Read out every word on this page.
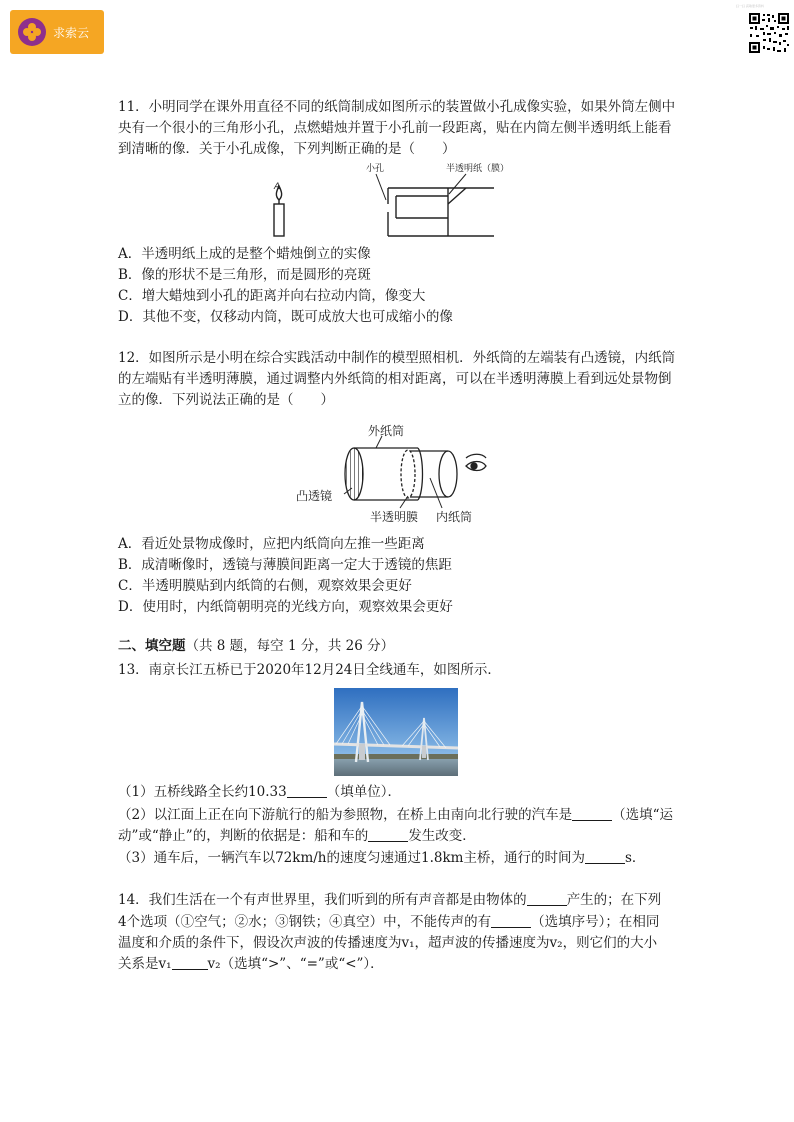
求索云
扫一扫 获取更多资料
11．小明同学在课外用直径不同的纸筒制成如图所示的装置做小孔成像实验，如果外筒左侧中央有一个很小的三角形小孔，点燃蜡烛并置于小孔前一段距离，贴在内筒左侧半透明纸上能看到清晰的像．关于小孔成像，下列判断正确的是（　　）
小孔	半透明纸（膜）
A
A．半透明纸上成的是整个蜡烛倒立的实像
B．像的形状不是三角形，而是圆形的亮斑
C．增大蜡烛到小孔的距离并向右拉动内筒，像变大
D．其他不变，仅移动内筒，既可成放大也可成缩小的像
12．如图所示是小明在综合实践活动中制作的模型照相机．外纸筒的左端装有凸透镜，内纸筒的左端贴有半透明薄膜，通过调整内外纸筒的相对距离，可以在半透明薄膜上看到远处景物倒立的像．下列说法正确的是（　　）
外纸筒
凸透镜
半透明膜 内纸筒
A．看近处景物成像时，应把内纸筒向左推一些距离
B．成清晰像时，透镜与薄膜间距离一定大于透镜的焦距
C．半透明膜贴到内纸筒的右侧，观察效果会更好
D．使用时，内纸筒朝明亮的光线方向，观察效果会更好
二、填空题（共 8 题，每空 1 分，共 26 分）
13．南京长江五桥已于2020年12月24日全线通车，如图所示．
（1）五桥线路全长约10.33	（填单位）．
（2）以江面上正在向下游航行的船为参照物，在桥上由南向北行驶的汽车是	（选填“运
动”或“静止”的，判断的依据是：船和车的	发生改变．
（3）通车后，一辆汽车以72km/h的速度匀速通过1.8km主桥，通行的时间为	s．
14．我们生活在一个有声世界里，我们听到的所有声音都是由物体的	产生的；在下列
4个选项（①空气；②水；③钢铁；④真空）中，不能传声的有	（选填序号）；在相同
温度和介质的条件下，假设次声波的传播速度为v₁，超声波的传播速度为v₂，则它们的大小
关系是v₁	v₂（选填“>”、“=”或“<”）．
